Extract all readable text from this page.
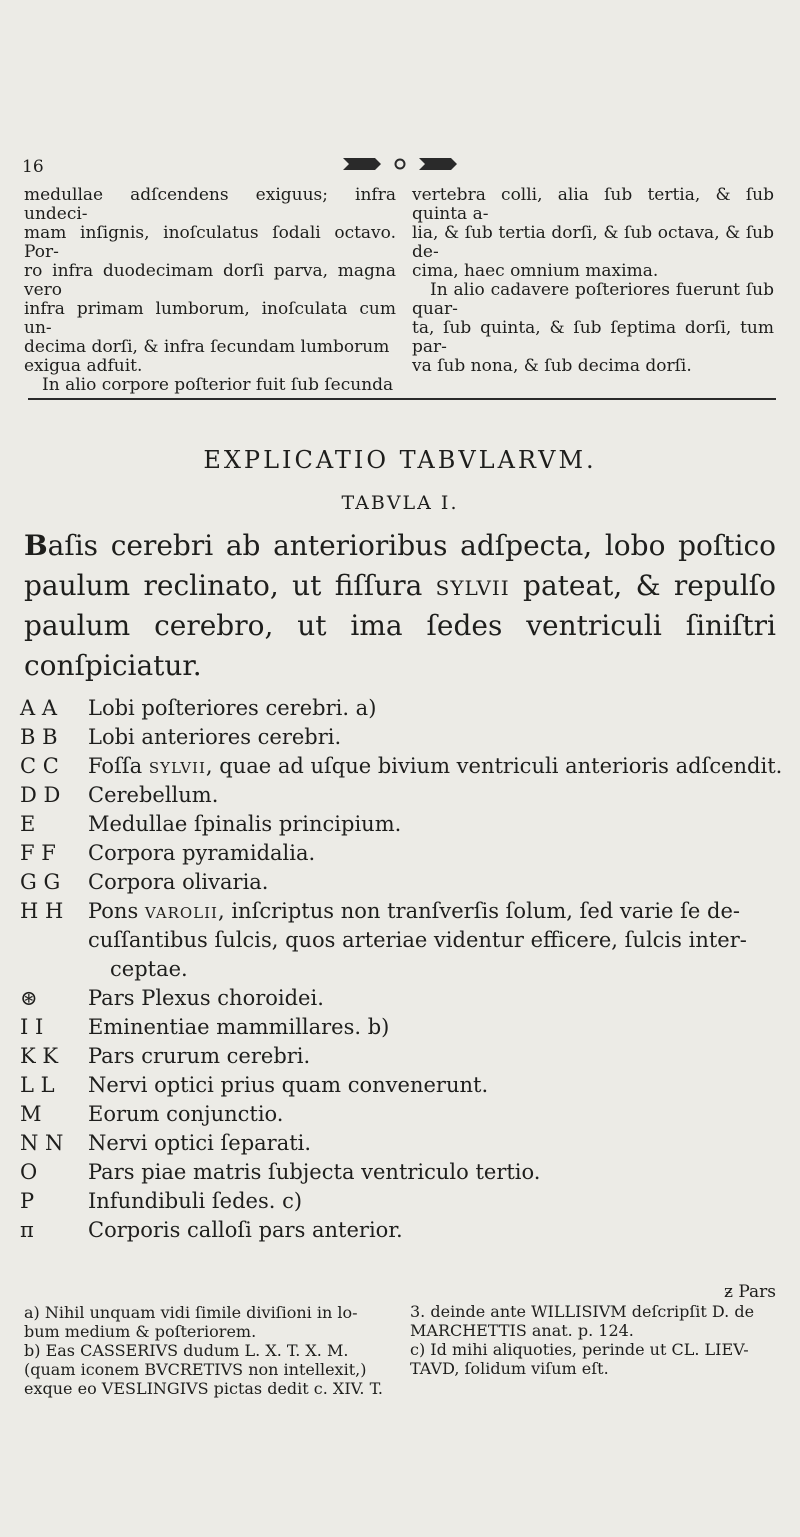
16

medullae adſcendens exiguus; infra undeci-

mam inſignis, inoſculatus ſodali octavo. Por-

ro infra duodecimam dorſi parva, magna vero

infra primam lumborum, inoſculata cum un-

decima dorſi, & infra ſecundam lumborum

exigua adfuit.

In alio corpore poſterior fuit ſub ſecunda

vertebra colli, alia ſub tertia, & ſub quinta a-

lia, & ſub tertia dorſi, & ſub octava, & ſub de-

cima, haec omnium maxima.

In alio cadavere poſteriores fuerunt ſub quar-

ta, ſub quinta, & ſub ſeptima dorſi, tum par-

va ſub nona, & ſub decima dorſi.

EXPLICATIO TABVLARVM.
TABVLA I.
Baſis cerebri ab anterioribus adſpecta, lobo poſtico paulum reclinato, ut fiſſura sylvii pateat, & repulſo paulum cerebro, ut ima ſedes ventriculi ſiniſtri conſpiciatur.
A A	Lobi poſteriores cerebri. a)
B B	Lobi anteriores cerebri.
C C	Foſſa sylvii, quae ad uſque bivium ventriculi anterioris adſcendit.
D D	Cerebellum.
E	Medullae ſpinalis principium.
F F	Corpora pyramidalia.
G G	Corpora olivaria.
H H	Pons varolii, inſcriptus non tranſverſis ſolum, ſed varie ſe de-
cuſſantibus ſulcis, quos arteriae videntur efficere, ſulcis inter-
ceptae.
⊛	Pars Plexus choroidei.
I I	Eminentiae mammillares. b)
K K	Pars crurum cerebri.
L L	Nervi optici prius quam convenerunt.
M	Eorum conjunctio.
N N	Nervi optici ſeparati.
O	Pars piae matris ſubjecta ventriculo tertio.
P	Infundibuli ſedes. c)
π	Corporis calloſi pars anterior.

a) Nihil unquam vidi ſimile diviſioni in lo-

bum medium & poſteriorem.

b) Eas CASSERIVS dudum L. X. T. X. M.

(quam iconem BVCRETIVS non intellexit,)

exque eo VESLINGIVS pictas dedit c. XIV. T.

ƶ Pars

3. deinde ante WILLISIVM deſcripſit D. de

MARCHETTIS anat. p. 124.

c) Id mihi aliquoties, perinde ut CL. LIEV-

TAVD, ſolidum viſum eſt.
